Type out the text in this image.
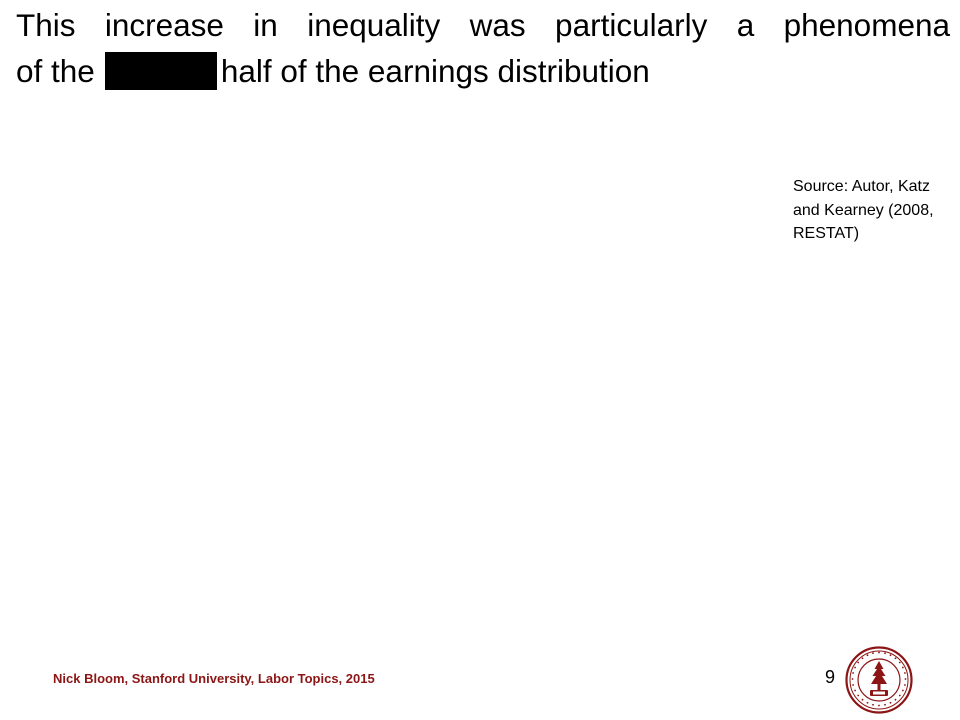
This increase in inequality was particularly a phenomena
of the	half of the earnings distribution
Source: Autor, Katz and Kearney (2008, RESTAT)
Nick Bloom, Stanford University, Labor Topics, 2015	9
